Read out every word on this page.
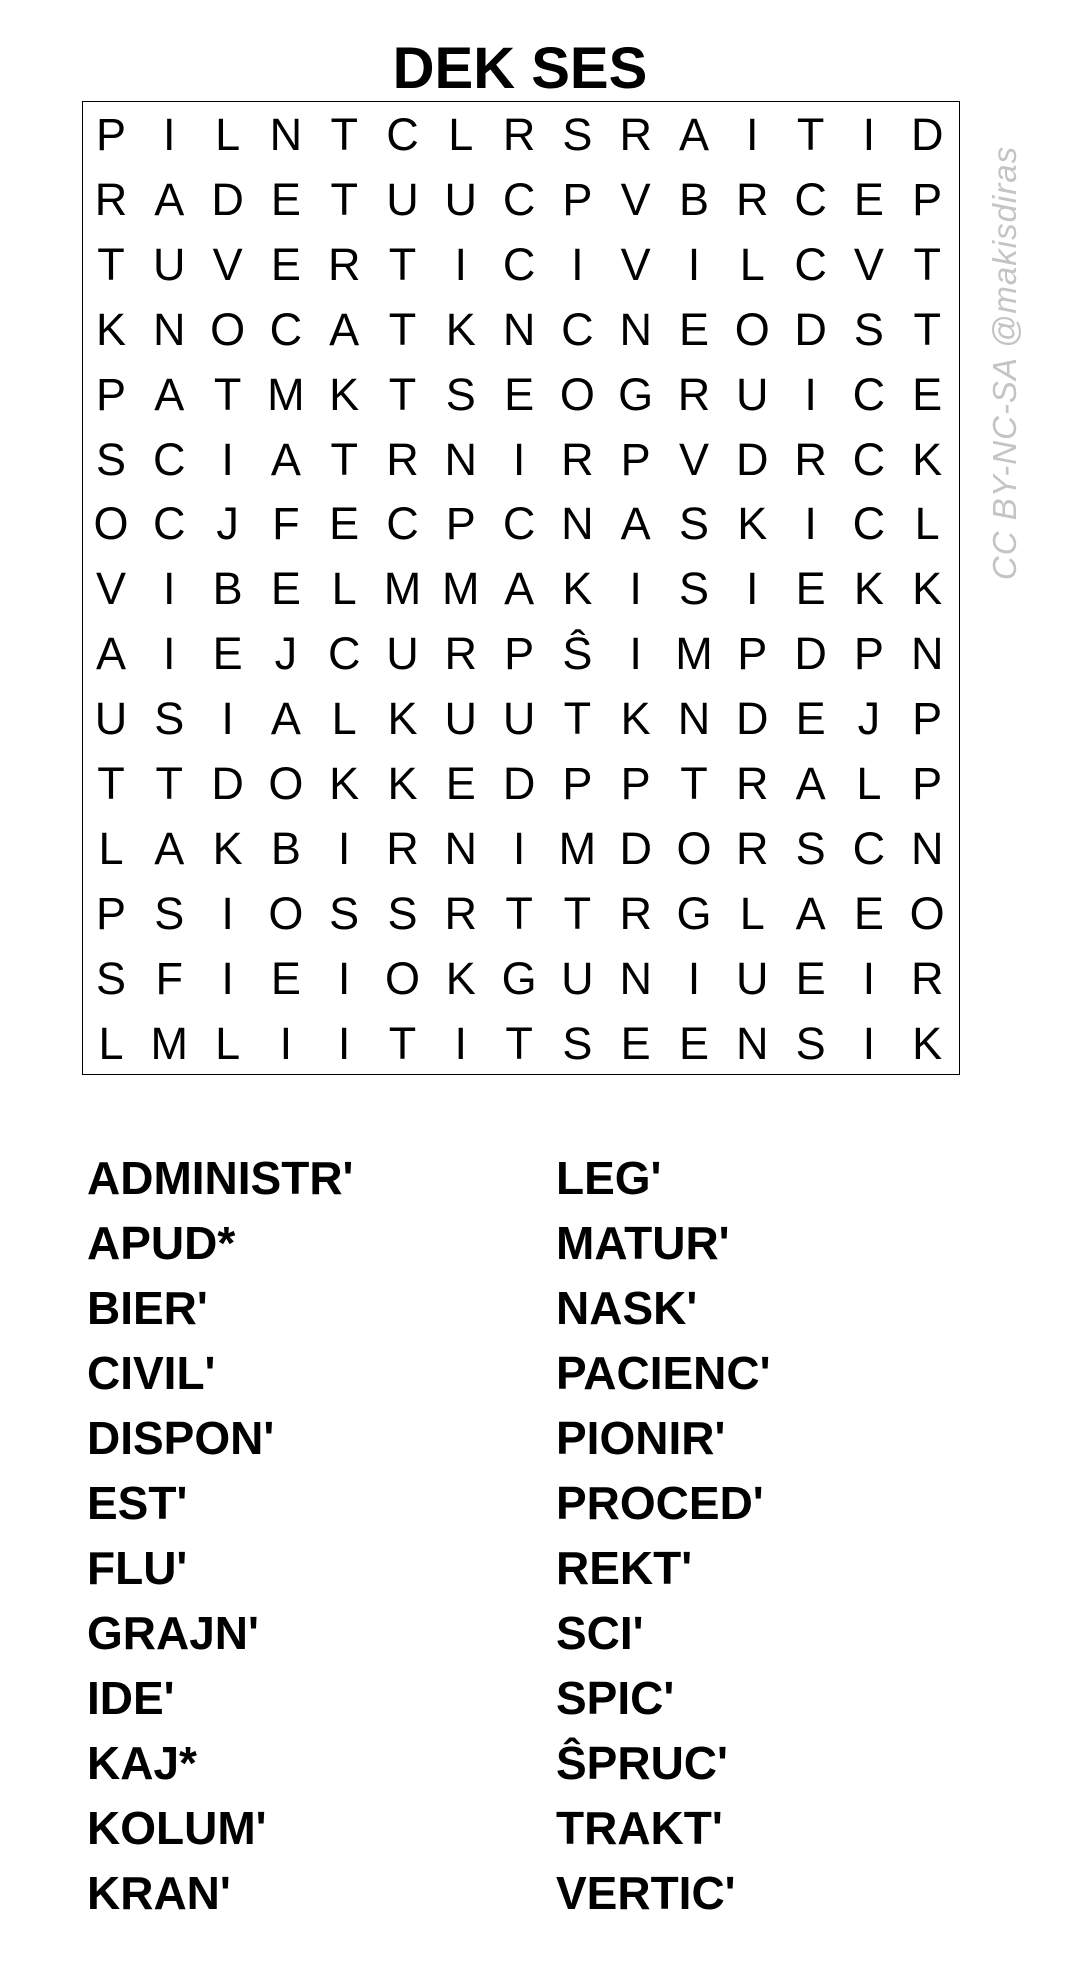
DEK SES
P I L N T C L R S R A I T I D
R A D E T U U C P V B R C E P
T U V E R T I C I V I L C V T
K N O C A T K N C N E O D S T
P A T M K T S E O G R U I C E
S C I A T R N I R P V D R C K
O C J F E C P C N A S K I C L
V I B E L M M A K I S I E K K
A I E J C U R P Ŝ I M P D P N
U S I A L K U U T K N D E J P
T T D O K K E D P P T R A L P
L A K B I R N I M D O R S C N
P S I O S S R T T R G L A E O
S F I E I O K G U N I U E I R
L M L I	I T I T S E E N S I K
CC BY-NC-SA @makisdiras
ADMINISTR'
APUD*
BIER'
CIVIL'
DISPON'
EST'
FLU'
GRAJN'
IDE'
KAJ*
KOLUM'
KRAN'
LEG'
MATUR'
NASK'
PACIENC'
PIONIR'
PROCED'
REKT'
SCI'
SPIC'
ŜPRUC'
TRAKT'
VERTIC'
